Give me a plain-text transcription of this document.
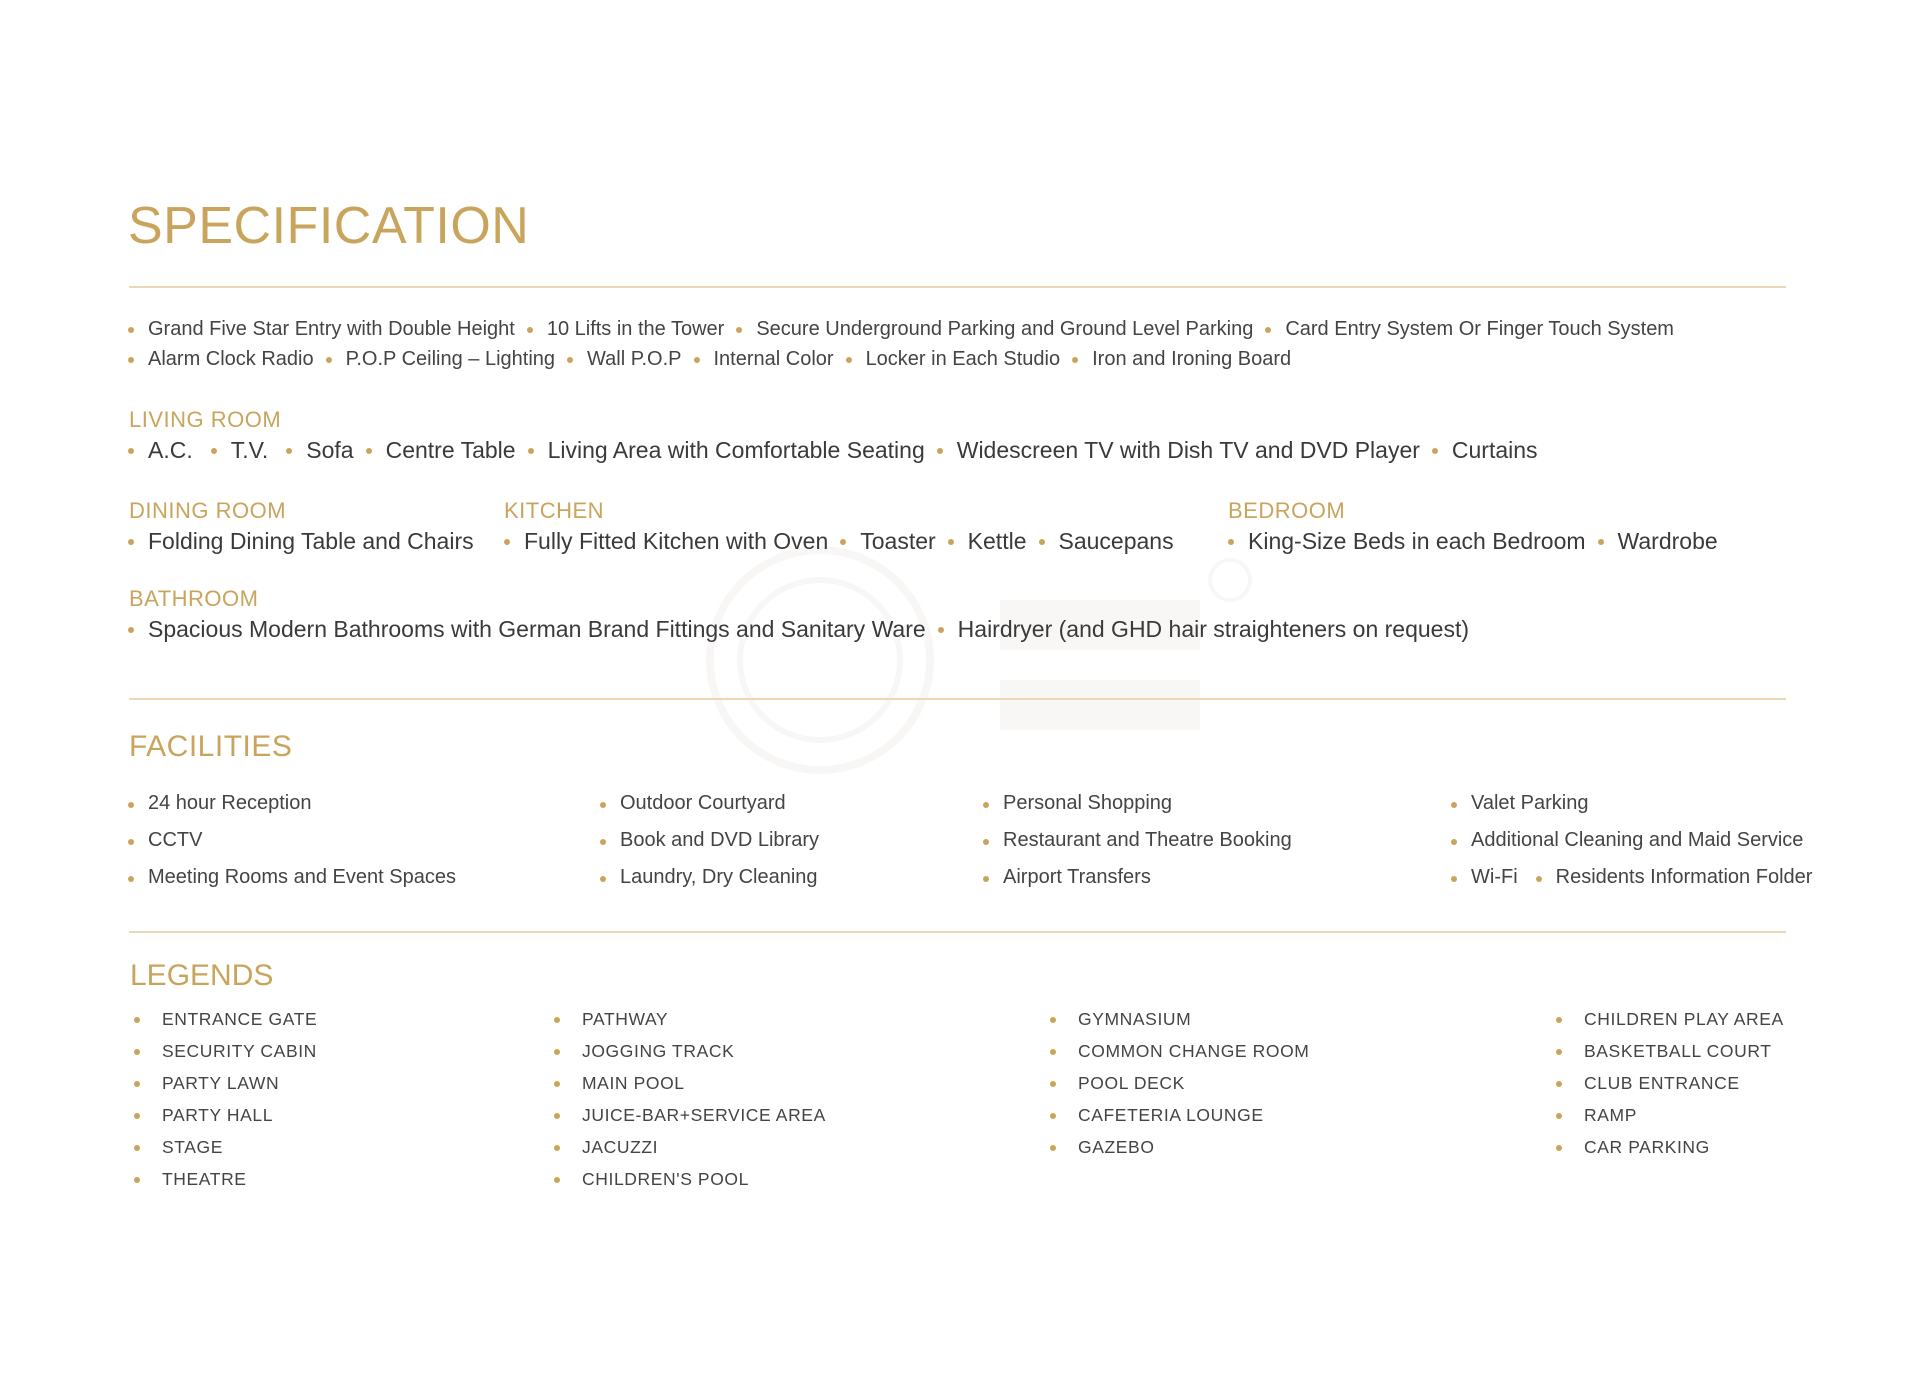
SPECIFICATION
Grand Five Star Entry with Double Height 10 Lifts in the Tower Secure Underground Parking and Ground Level Parking Card Entry System Or Finger Touch System
Alarm Clock Radio P.O.P Ceiling – Lighting Wall P.O.P Internal Color Locker in Each Studio Iron and Ironing Board
LIVING ROOM
A.C. T.V. Sofa Centre Table Living Area with Comfortable Seating Widescreen TV with Dish TV and DVD Player Curtains
DINING ROOM
Folding Dining Table and Chairs
KITCHEN
Fully Fitted Kitchen with Oven Toaster Kettle Saucepans
BEDROOM
King-Size Beds in each Bedroom Wardrobe
BATHROOM
Spacious Modern Bathrooms with German Brand Fittings and Sanitary Ware Hairdryer (and GHD hair straighteners on request)
FACILITIES
24 hour Reception
CCTV
Meeting Rooms and Event Spaces
Outdoor Courtyard
Book and DVD Library
Laundry, Dry Cleaning
Personal Shopping
Restaurant and Theatre Booking
Airport Transfers
Valet Parking
Additional Cleaning and Maid Service
Wi-Fi Residents Information Folder
LEGENDS
ENTRANCE GATE
SECURITY CABIN
PARTY LAWN
PARTY HALL
STAGE
THEATRE
PATHWAY
JOGGING TRACK
MAIN POOL
JUICE-BAR+SERVICE AREA
JACUZZI
CHILDREN'S POOL
GYMNASIUM
COMMON CHANGE ROOM
POOL DECK
CAFETERIA LOUNGE
GAZEBO
CHILDREN PLAY AREA
BASKETBALL COURT
CLUB ENTRANCE
RAMP
CAR PARKING
